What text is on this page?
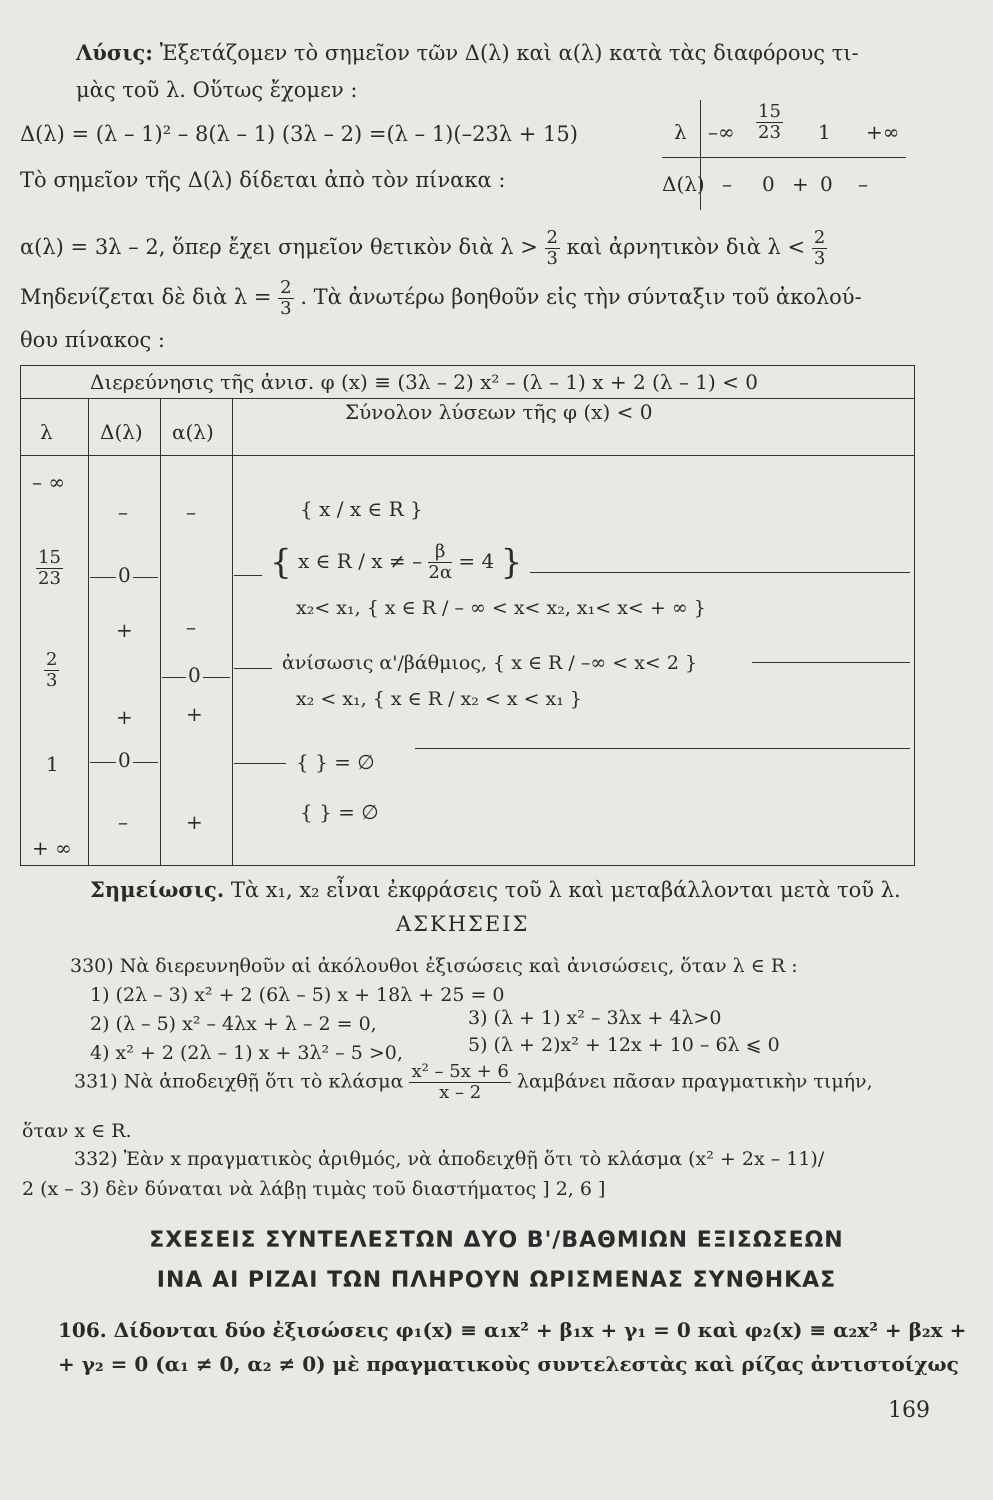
Λύσις: Ἐξετάζομεν τὸ σημεῖον τῶν Δ(λ) καὶ α(λ) κατὰ τὰς διαφόρους τι-
μὰς τοῦ λ. Οὕτως ἔχομεν :
Δ(λ) = (λ – 1)² – 8(λ – 1) (3λ – 2) =(λ – 1)(–23λ + 15)
Τὸ σημεῖον τῆς Δ(λ) δίδεται ἀπὸ τὸν πίνακα :
λ –∞ $\frac{15}{23} 1$ +∞
Δ(λ) – 0 + 0 –
α(λ) = 3λ – 2, ὅπερ ἔχει σημεῖον θετικὸν διὰ $\lambda > \frac{2}{3}$ καὶ ἀρνητικὸν διὰ $\lambda < \frac{2}{3}$
Μηδενίζεται δὲ διὰ $\lambda = \frac{2}{3}$ . Τὰ ἀνωτέρω βοηθοῦν εἰς τὴν σύνταξιν τοῦ ἀκολού-
θου πίνακος :
Διερεύνησις τῆς ἀνισ. φ (x) ≡ (3λ – 2) x² – (λ – 1) x + 2 (λ – 1) < 0
λ Δ(λ) α(λ)
Σύνολον λύσεων τῆς φ (x) < 0
– ∞
$\frac{15}{23}$
$\frac{2}{3}$
1
+ ∞
–
0
+
+
0
–
–
–
0
+
+
{ x / x ∈ R }
{ x ∈ R / x ≠ – $\frac{\beta}{2\alpha} = 4$ }
x₂< x₁, { x ∈ R / – ∞ < x< x₂, x₁< x< + ∞ }
ἀνίσωσις α'/βάθμιος, { x ∈ R / –∞ < x< 2 }
x₂ < x₁, { x ∈ R / x₂ < x < x₁ }
{ } = ∅
{ } = ∅
Σημείωσις. Τὰ x₁, x₂ εἶναι ἐκφράσεις τοῦ λ καὶ μεταβάλλονται μετὰ τοῦ λ.
ΑΣΚΗΣΕΙΣ
330) Νὰ διερευνηθοῦν αἱ ἀκόλουθοι ἐξισώσεις καὶ ἀνισώσεις, ὅταν λ ∈ R :
1) (2λ – 3) x² + 2 (6λ – 5) x + 18λ + 25 = 0
2) (λ – 5) x² – 4λx + λ – 2 = 0,	3) (λ + 1) x² – 3λx + 4λ>0
4) x² + 2 (2λ – 1) x + 3λ² – 5 >0,	5) (λ + 2)x² + 12x + 10 – 6λ ⩽ 0
331) Νὰ ἀποδειχθῇ ὅτι τὸ κλάσμα $\frac{\text{x² – 5x + 6}}{x - 2}$ λαμβάνει πᾶσαν πραγματικὴν τιμήν,
ὅταν x ∈ R.
332) Ἐὰν x πραγματικὸς ἀριθμός, νὰ ἀποδειχθῇ ὅτι τὸ κλάσμα (x² + 2x – 11)/
2 (x – 3) δὲν δύναται νὰ λάβῃ τιμὰς τοῦ διαστήματος ] 2, 6 ]
ΣΧΕΣΕΙΣ ΣΥΝΤΕΛΕΣΤΩΝ ΔΥΟ Β'/ΒΑΘΜΙΩΝ ΕΞΙΣΩΣΕΩΝ
ΙΝΑ ΑΙ ΡΙΖΑΙ ΤΩΝ ΠΛΗΡΟΥΝ ΩΡΙΣΜΕΝΑΣ ΣΥΝΘΗΚΑΣ
106. Δίδονται δύο ἐξισώσεις φ₁(x) ≡ α₁x² + β₁x + γ₁ = 0 καὶ φ₂(x) ≡ α₂x² + β₂x +
+ γ₂ = 0 (α₁ ≠ 0, α₂ ≠ 0) μὲ πραγματικοὺς συντελεστὰς καὶ ρίζας ἀντιστοίχως
169
